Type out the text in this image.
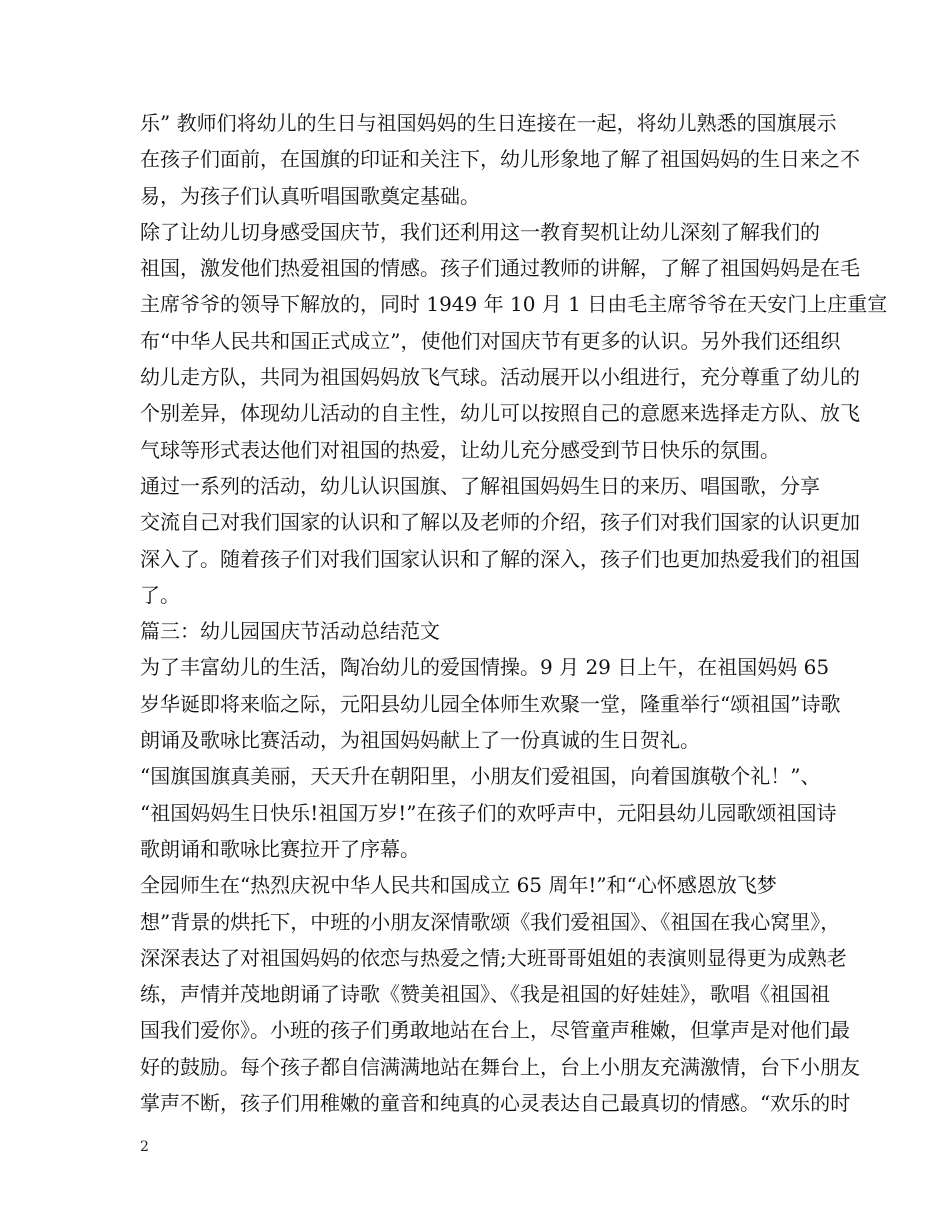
乐” 教师们将幼儿的生日与祖国妈妈的生日连接在一起，将幼儿熟悉的国旗展示
在孩子们面前，在国旗的印证和关注下，幼儿形象地了解了祖国妈妈的生日来之不
易，为孩子们认真听唱国歌奠定基础。
除了让幼儿切身感受国庆节，我们还利用这一教育契机让幼儿深刻了解我们的
祖国，激发他们热爱祖国的情感。孩子们通过教师的讲解，了解了祖国妈妈是在毛
主席爷爷的领导下解放的，同时 1949 年 10 月 1 日由毛主席爷爷在天安门上庄重宣
布“中华人民共和国正式成立”，使他们对国庆节有更多的认识。另外我们还组织
幼儿走方队，共同为祖国妈妈放飞气球。活动展开以小组进行，充分尊重了幼儿的
个别差异，体现幼儿活动的自主性，幼儿可以按照自己的意愿来选择走方队、放飞
气球等形式表达他们对祖国的热爱，让幼儿充分感受到节日快乐的氛围。
通过一系列的活动，幼儿认识国旗、了解祖国妈妈生日的来历、唱国歌，分享
交流自己对我们国家的认识和了解以及老师的介绍，孩子们对我们国家的认识更加
深入了。随着孩子们对我们国家认识和了解的深入，孩子们也更加热爱我们的祖国
了。
篇三：幼儿园国庆节活动总结范文
为了丰富幼儿的生活，陶冶幼儿的爱国情操。9 月 29 日上午，在祖国妈妈 65
岁华诞即将来临之际，元阳县幼儿园全体师生欢聚一堂，隆重举行“颂祖国”诗歌
朗诵及歌咏比赛活动，为祖国妈妈献上了一份真诚的生日贺礼。
“国旗国旗真美丽，天天升在朝阳里，小朋友们爱祖国，向着国旗敬个礼！”、
“祖国妈妈生日快乐!祖国万岁!”在孩子们的欢呼声中，元阳县幼儿园歌颂祖国诗
歌朗诵和歌咏比赛拉开了序幕。
全园师生在“热烈庆祝中华人民共和国成立 65 周年!”和“心怀感恩放飞梦
想”背景的烘托下，中班的小朋友深情歌颂《我们爱祖国》、《祖国在我心窝里》，
深深表达了对祖国妈妈的依恋与热爱之情;大班哥哥姐姐的表演则显得更为成熟老
练，声情并茂地朗诵了诗歌《赞美祖国》、《我是祖国的好娃娃》，歌唱《祖国祖
国我们爱你》。小班的孩子们勇敢地站在台上，尽管童声稚嫩，但掌声是对他们最
好的鼓励。每个孩子都自信满满地站在舞台上，台上小朋友充满激情，台下小朋友
掌声不断，孩子们用稚嫩的童音和纯真的心灵表达自己最真切的情感。“欢乐的时
2
